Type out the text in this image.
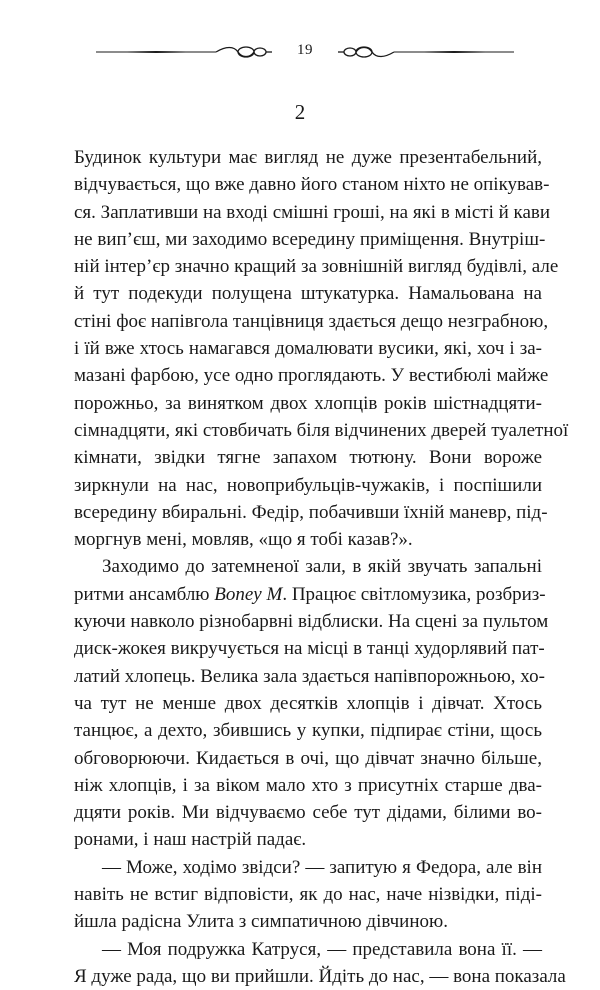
19
2
Будинок культури має вигляд не дуже презентабельний,
відчувається, що вже давно його станом ніхто не опікував-
ся. Заплативши на вході смішні гроші, на які в місті й кави
не вип’єш, ми заходимо всередину приміщення. Внутріш-
ній інтер’єр значно кращий за зовнішній вигляд будівлі, але
й тут подекуди полущена штукатурка. Намальована на
стіні фоє напівгола танцівниця здається дещо незграбною,
і їй вже хтось намагався домалювати вусики, які, хоч і за-
мазані фарбою, усе одно проглядають. У вестибюлі майже
порожньо, за винятком двох хлопців років шістнадцяти-
сімнадцяти, які стовбичать біля відчинених дверей туалетної
кімнати, звідки тягне запахом тютюну. Вони вороже
зиркнули на нас, новоприбульців-чужаків, і поспішили
всередину вбиральні. Федір, побачивши їхній маневр, під-
моргнув мені, мовляв, «що я тобі казав?».
Заходимо до затемненої зали, в якій звучать запальні
ритми ансамблю Boney M. Працює світломузика, розбриз-
куючи навколо різнобарвні відблиски. На сцені за пультом
диск-жокея викручується на місці в танці худорлявий пат-
латий хлопець. Велика зала здається напівпорожньою, хо-
ча тут не менше двох десятків хлопців і дівчат. Хтось
танцює, а дехто, збившись у купки, підпирає стіни, щось
обговорюючи. Кидається в очі, що дівчат значно більше,
ніж хлопців, і за віком мало хто з присутніх старше два-
дцяти років. Ми відчуваємо себе тут дідами, білими во-
ронами, і наш настрій падає.
— Може, ходімо звідси? — запитую я Федора, але він
навіть не встиг відповісти, як до нас, наче нізвідки, піді-
йшла радісна Улита з симпатичною дівчиною.
— Моя подружка Катруся, — представила вона її. —
Я дуже рада, що ви прийшли. Йдіть до нас, — вона показала
